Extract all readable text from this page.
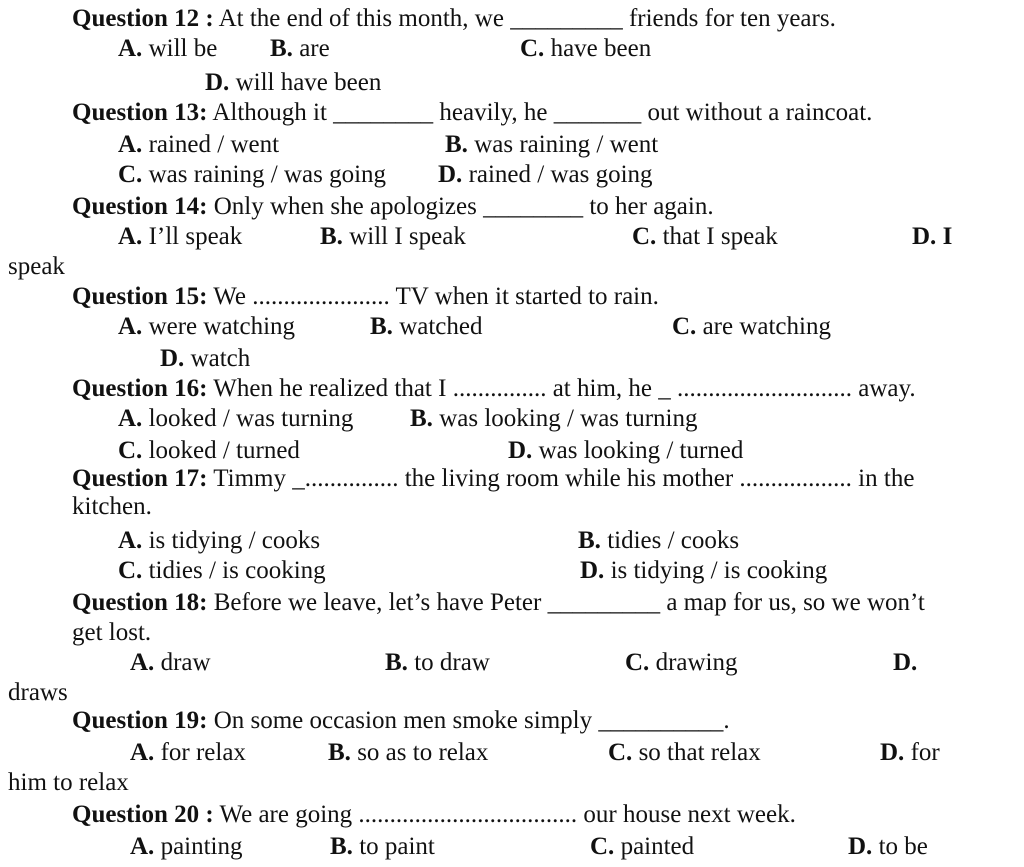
Question 12 : At the end of this month, we _________ friends for ten years.
A. will be B. are	C. have been
D. will have been
Question 13: Although it ________ heavily, he _______ out without a raincoat.
A. rained / went	B. was raining / went
C. was raining / was going D. rained / was going
Question 14: Only when she apologizes ________ to her again.
A. I’ll speak	B. will I speak	C. that I speak	D. I
speak
Question 15: We ...................... TV when it started to rain.
A. were watching	B. watched	C. are watching
D. watch
Question 16: When he realized that I ............... at him, he _ ............................ away.
A. looked / was turning B. was looking / was turning
C. looked / turned	D. was looking / turned
Question 17: Timmy _............... the living room while his mother .................. in the
kitchen.
A. is tidying / cooks	B. tidies / cooks
C. tidies / is cooking	D. is tidying / is cooking
Question 18: Before we leave, let’s have Peter _________ a map for us, so we won’t
get lost.
A. draw	B. to draw	C. drawing	D.
draws
Question 19: On some occasion men smoke simply __________.
A. for relax	B. so as to relax	C. so that relax	D. for
him to relax
Question 20 : We are going ................................... our house next week.
A. painting	B. to paint	C. painted	D. to be
